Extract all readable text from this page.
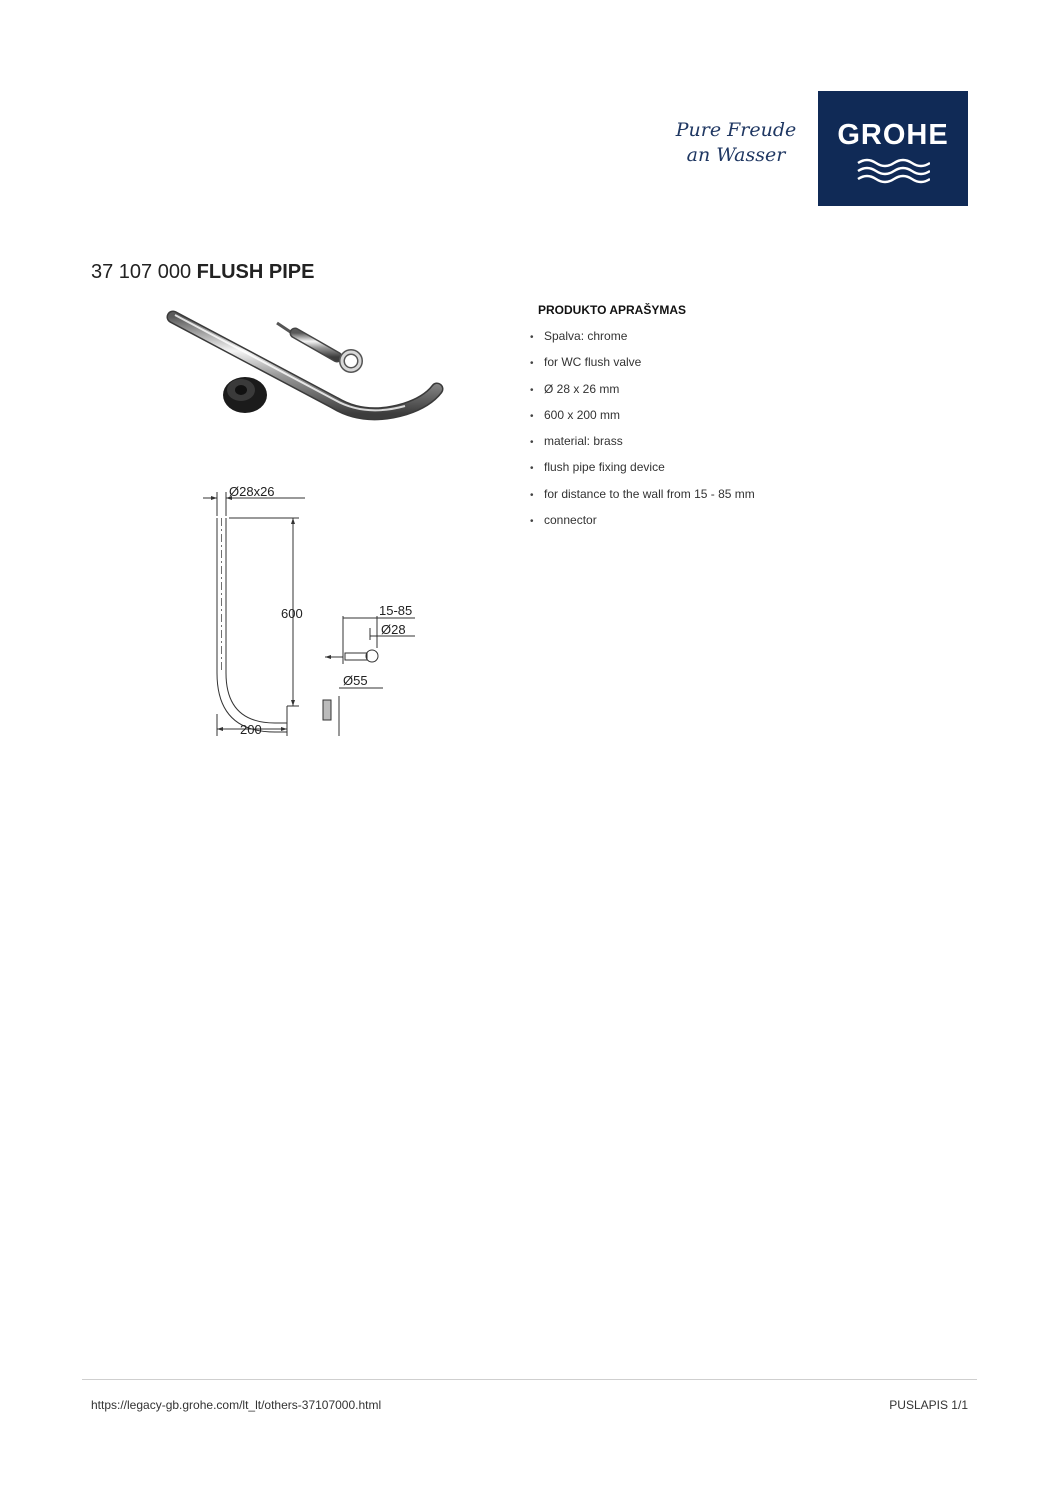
Pure Freude
an Wasser
GROHE
37 107 000 FLUSH PIPE
Ø28x26
600
200
15-85
Ø28
Ø55
PRODUKTO APRAŠYMAS
• Spalva: chrome
• for WC flush valve
• Ø 28 x 26 mm
• 600 x 200 mm
• material: brass
• flush pipe fixing device
• for distance to the wall from 15 - 85 mm
• connector
https://legacy-gb.grohe.com/lt_lt/others-37107000.html	PUSLAPIS 1/1
